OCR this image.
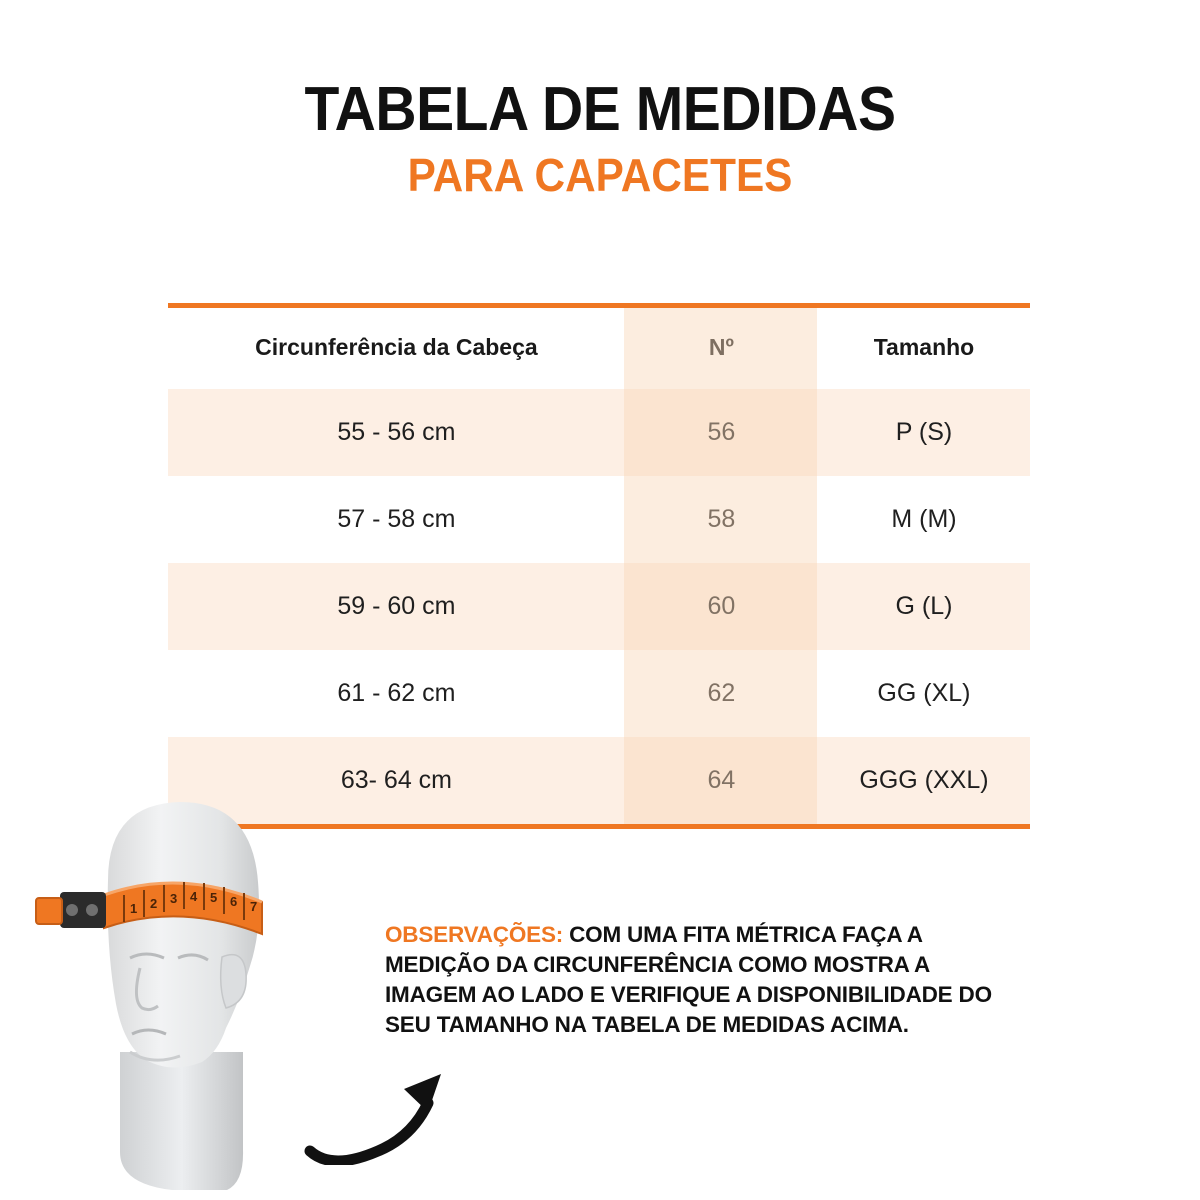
TABELA DE MEDIDAS
PARA CAPACETES
Circunferência da Cabeça	Nº	Tamanho
55 - 56 cm	56	P (S)
57 - 58 cm	58	M (M)
59 - 60 cm	60	G (L)
61 - 62 cm	62	GG (XL)
63- 64 cm	64	GGG (XXL)
OBSERVAÇÕES: COM UMA FITA MÉTRICA FAÇA A MEDIÇÃO DA CIRCUNFERÊNCIA COMO MOSTRA A IMAGEM AO LADO E VERIFIQUE A DISPONIBILIDADE DO SEU TAMANHO NA TABELA DE MEDIDAS ACIMA.
1 2 3 4 5 6 7
